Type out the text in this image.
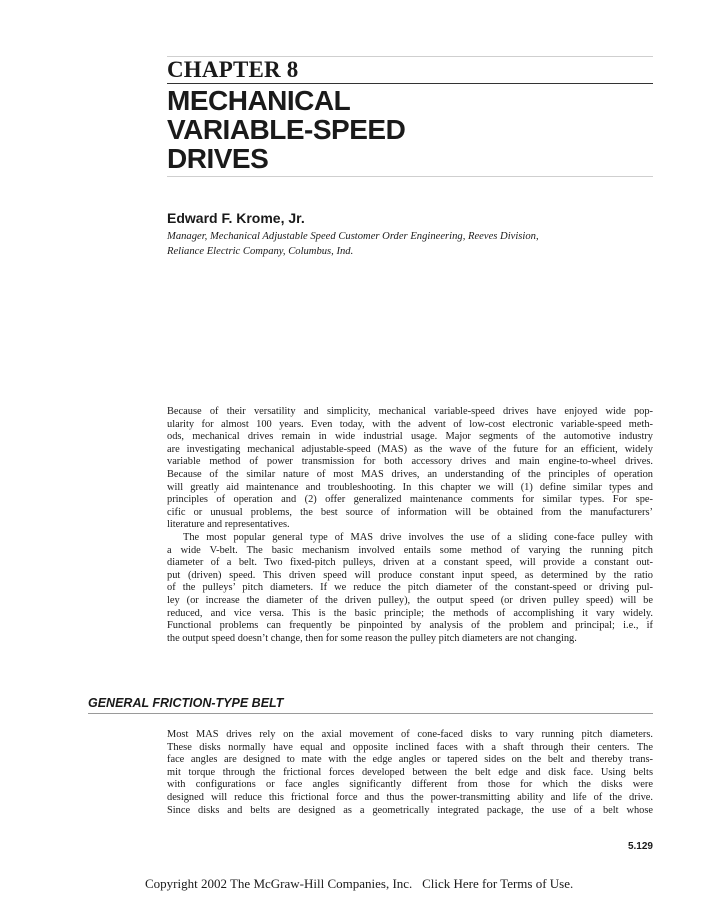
CHAPTER 8
MECHANICAL
VARIABLE-SPEED
DRIVES
Edward F. Krome, Jr.
Manager, Mechanical Adjustable Speed Customer Order Engineering, Reeves Division,
Reliance Electric Company, Columbus, Ind.

Because of their versatility and simplicity, mechanical variable-speed drives have enjoyed wide pop-
ularity for almost 100 years. Even today, with the advent of low-cost electronic variable-speed meth-
ods, mechanical drives remain in wide industrial usage. Major segments of the automotive industry
are investigating mechanical adjustable-speed (MAS) as the wave of the future for an efficient, widely
variable method of power transmission for both accessory drives and main engine-to-wheel drives.
Because of the similar nature of most MAS drives, an understanding of the principles of operation
will greatly aid maintenance and troubleshooting. In this chapter we will (1) define similar types and
principles of operation and (2) offer generalized maintenance comments for similar types. For spe-
cific or unusual problems, the best source of information will be obtained from the manufacturers’
literature and representatives.

The most popular general type of MAS drive involves the use of a sliding cone-face pulley with
a wide V-belt. The basic mechanism involved entails some method of varying the running pitch
diameter of a belt. Two fixed-pitch pulleys, driven at a constant speed, will provide a constant out-
put (driven) speed. This driven speed will produce constant input speed, as determined by the ratio
of the pulleys’ pitch diameters. If we reduce the pitch diameter of the constant-speed or driving pul-
ley (or increase the diameter of the driven pulley), the output speed (or driven pulley speed) will be
reduced, and vice versa. This is the basic principle; the methods of accomplishing it vary widely.
Functional problems can frequently be pinpointed by analysis of the problem and principal; i.e., if
the output speed doesn’t change, then for some reason the pulley pitch diameters are not changing.

GENERAL FRICTION-TYPE BELT

Most MAS drives rely on the axial movement of cone-faced disks to vary running pitch diameters.
These disks normally have equal and opposite inclined faces with a shaft through their centers. The
face angles are designed to mate with the edge angles or tapered sides on the belt and thereby trans-
mit torque through the frictional forces developed between the belt edge and disk face. Using belts
with configurations or face angles significantly different from those for which the disks were
designed will reduce this frictional force and thus the power-transmitting ability and life of the drive.
Since disks and belts are designed as a geometrically integrated package, the use of a belt whose

5.129
Copyright 2002 The McGraw-Hill Companies, Inc. Click Here for Terms of Use.
